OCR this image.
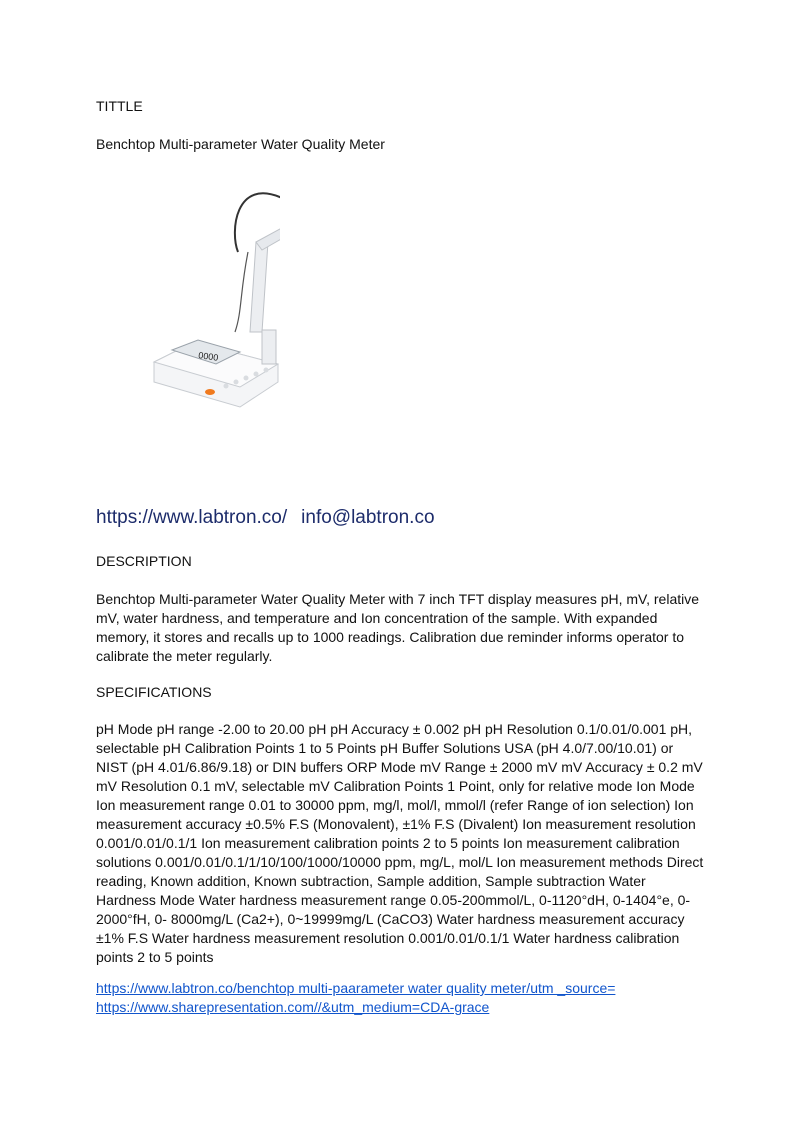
TITTLE
Benchtop Multi-parameter Water Quality Meter
0000
https://www.labtron.co/ info@labtron.co
DESCRIPTION
Benchtop Multi-parameter Water Quality Meter with 7 inch TFT display measures pH, mV, relative mV, water hardness, and temperature and Ion concentration of the sample. With expanded memory, it stores and recalls up to 1000 readings. Calibration due reminder informs operator to calibrate the meter regularly.
SPECIFICATIONS
pH Mode pH range -2.00 to 20.00 pH pH Accuracy ± 0.002 pH pH Resolution 0.1/0.01/0.001 pH, selectable pH Calibration Points 1 to 5 Points pH Buffer Solutions USA (pH 4.0/7.00/10.01) or NIST (pH 4.01/6.86/9.18) or DIN buffers ORP Mode mV Range ± 2000 mV mV Accuracy ± 0.2 mV mV Resolution 0.1 mV, selectable mV Calibration Points 1 Point, only for relative mode Ion Mode Ion measurement range 0.01 to 30000 ppm, mg/l, mol/l, mmol/l (refer Range of ion selection) Ion measurement accuracy ±0.5% F.S (Monovalent), ±1% F.S (Divalent) Ion measurement resolution 0.001/0.01/0.1/1 Ion measurement calibration points 2 to 5 points Ion measurement calibration solutions 0.001/0.01/0.1/1/10/100/1000/10000 ppm, mg/L, mol/L Ion measurement methods Direct reading, Known addition, Known subtraction, Sample addition, Sample subtraction Water Hardness Mode Water hardness measurement range 0.05-200mmol/L, 0-1120°dH, 0-1404°e, 0-2000°fH, 0- 8000mg/L (Ca2+), 0~19999mg/L (CaCO3) Water hardness measurement accuracy ±1% F.S Water hardness measurement resolution 0.001/0.01/0.1/1 Water hardness calibration points 2 to 5 points
https://www.labtron.co/benchtop multi-paarameter water quality meter/utm _source=https://www.sharepresentation.com//&utm_medium=CDA-grace
